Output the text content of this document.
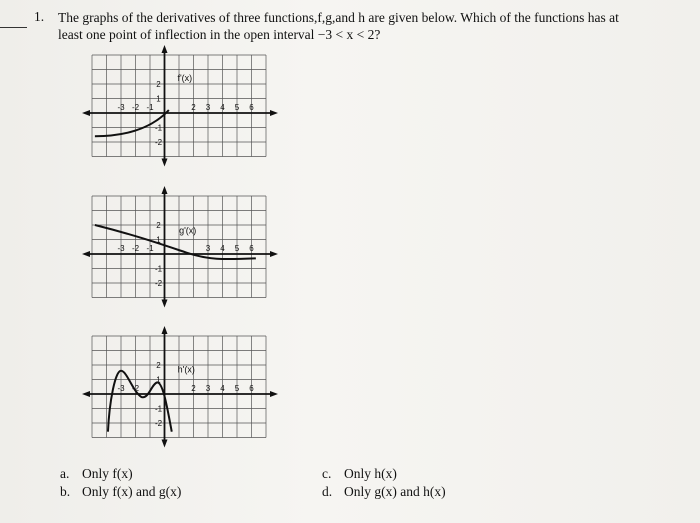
1. The graphs of the derivatives of three functions,f,g,and h are given below. Which of the functions has at
least one point of inflection in the open interval −3 < x < 2?
-3 -2 -1	2 3 4 5 6
2
1
-1
-2
f'(x)
-3 -2 -1	3 4 5 6
2
1
-1
-2
g'(x)
-3 -2	2 3 4 5 6
2
1
-1
-2
h'(x)
a. Only f(x)
b. Only f(x) and g(x)
c. Only h(x)
d. Only g(x) and h(x)
